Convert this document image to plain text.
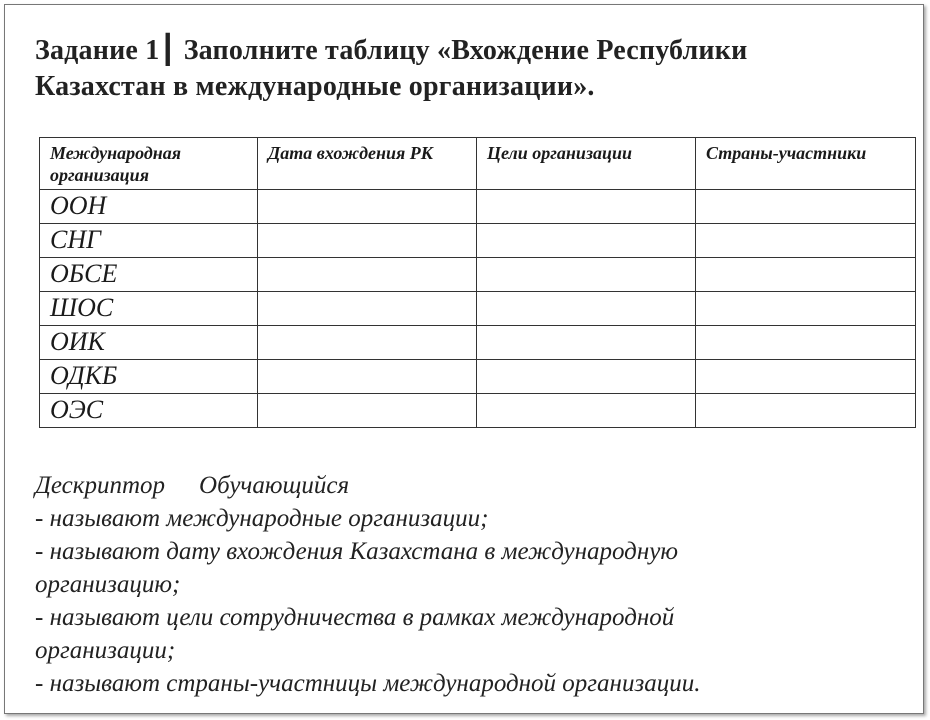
Задание 1┃ Заполните таблицу «Вхождение Республики
Казахстан в международные организации».
Международная организация	Дата вхождения РК	Цели организации	Страны-участники
ООН			
СНГ			
ОБСЕ			
ШОС			
ОИК			
ОДКБ			
ОЭС			

Дескриптор Обучающийся

- называют международные организации;

- называют дату вхождения Казахстана в международную

организацию;

- называют цели сотрудничества в рамках международной

организации;

- называют страны-участницы международной организации.
